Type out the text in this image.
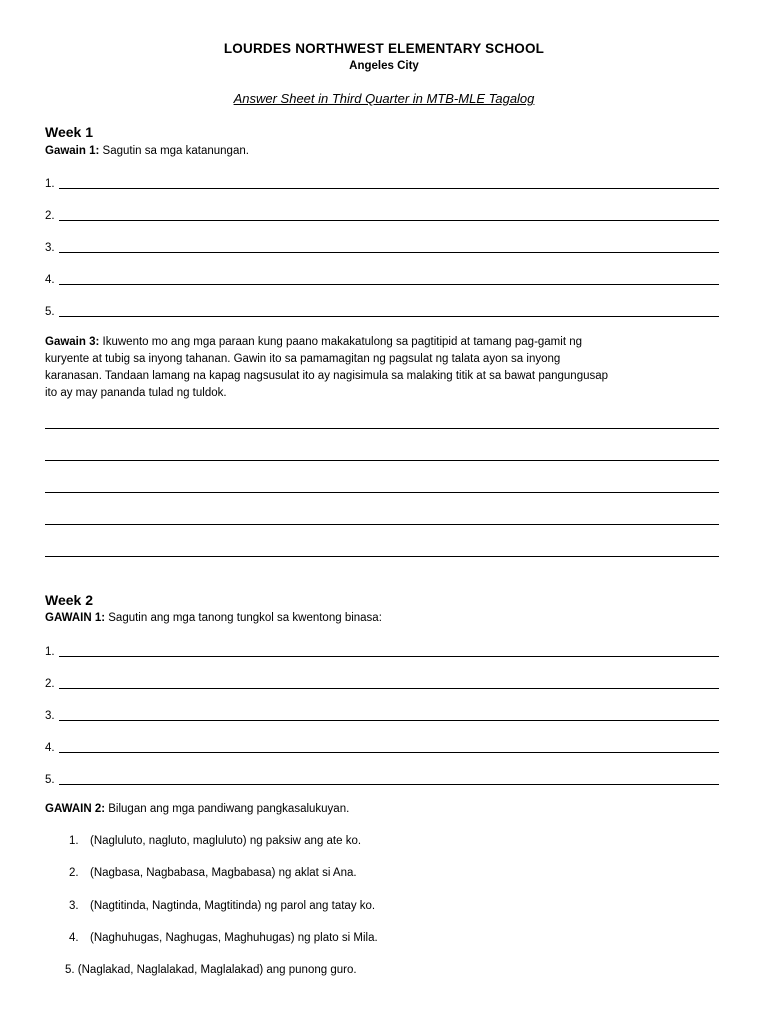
LOURDES NORTHWEST ELEMENTARY SCHOOL
Angeles City
Answer Sheet in Third Quarter in MTB-MLE Tagalog
Week 1
Gawain 1: Sagutin sa mga katanungan.
1.
2.
3.
4.
5.
Gawain 3: Ikuwento mo ang mga paraan kung paano makakatulong sa pagtitipid at tamang pag-gamit ng
kuryente at tubig sa inyong tahanan. Gawin ito sa pamamagitan ng pagsulat ng talata ayon sa inyong
karanasan. Tandaan lamang na kapag nagsusulat ito ay nagisimula sa malaking titik at sa bawat pangungusap
ito ay may pananda tulad ng tuldok.
Week 2
GAWAIN 1: Sagutin ang mga tanong tungkol sa kwentong binasa:
1.
2.
3.
4.
5.
GAWAIN 2: Bilugan ang mga pandiwang pangkasalukuyan.
1. (Nagluluto, nagluto, magluluto) ng paksiw ang ate ko.
2. (Nagbasa, Nagbabasa, Magbabasa) ng aklat si Ana.
3. (Nagtitinda, Nagtinda, Magtitinda) ng parol ang tatay ko.
4. (Naghuhugas, Naghugas, Maghuhugas) ng plato si Mila.
5. (Naglakad, Naglalakad, Maglalakad) ang punong guro.
